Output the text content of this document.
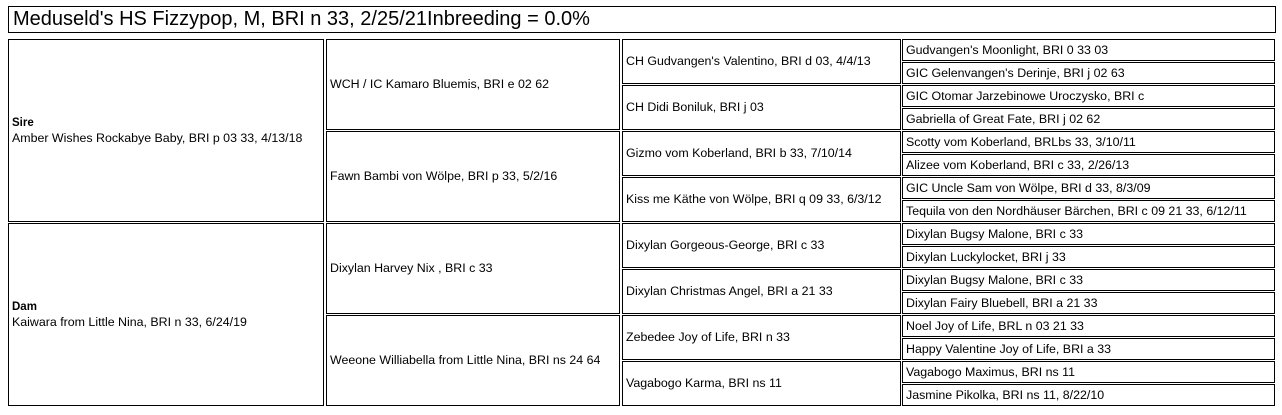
Meduseld's HS Fizzypop, M, BRI n 33, 2/25/21Inbreeding = 0.0%
Sire
Amber Wishes Rockabye Baby, BRI p 03 33, 4/13/18
Dam
Kaiwara from Little Nina, BRI n 33, 6/24/19
WCH / IC Kamaro Bluemis, BRI e 02 62
Fawn Bambi von Wölpe, BRI p 33, 5/2/16
Dixylan Harvey Nix , BRI c 33
Weeone Williabella from Little Nina, BRI ns 24 64
CH Gudvangen's Valentino, BRI d 03, 4/4/13
CH Didi Boniluk, BRI j 03
Gizmo vom Koberland, BRI b 33, 7/10/14
Kiss me Käthe von Wölpe, BRI q 09 33, 6/3/12
Dixylan Gorgeous-George, BRI c 33
Dixylan Christmas Angel, BRI a 21 33
Zebedee Joy of Life, BRI n 33
Vagabogo Karma, BRI ns 11
Gudvangen's Moonlight, BRI 0 33 03
GIC Gelenvangen's Derinje, BRI j 02 63
GIC Otomar Jarzebinowe Uroczysko, BRI c
Gabriella of Great Fate, BRI j 02 62
Scotty vom Koberland, BRLbs 33, 3/10/11
Alizee vom Koberland, BRI c 33, 2/26/13
GIC Uncle Sam von Wölpe, BRI d 33, 8/3/09
Tequila von den Nordhäuser Bärchen, BRI c 09 21 33, 6/12/11
Dixylan Bugsy Malone, BRI c 33
Dixylan Luckylocket, BRI j 33
Dixylan Bugsy Malone, BRI c 33
Dixylan Fairy Bluebell, BRI a 21 33
Noel Joy of Life, BRL n 03 21 33
Happy Valentine Joy of Life, BRI a 33
Vagabogo Maximus, BRI ns 11
Jasmine Pikolka, BRI ns 11, 8/22/10
